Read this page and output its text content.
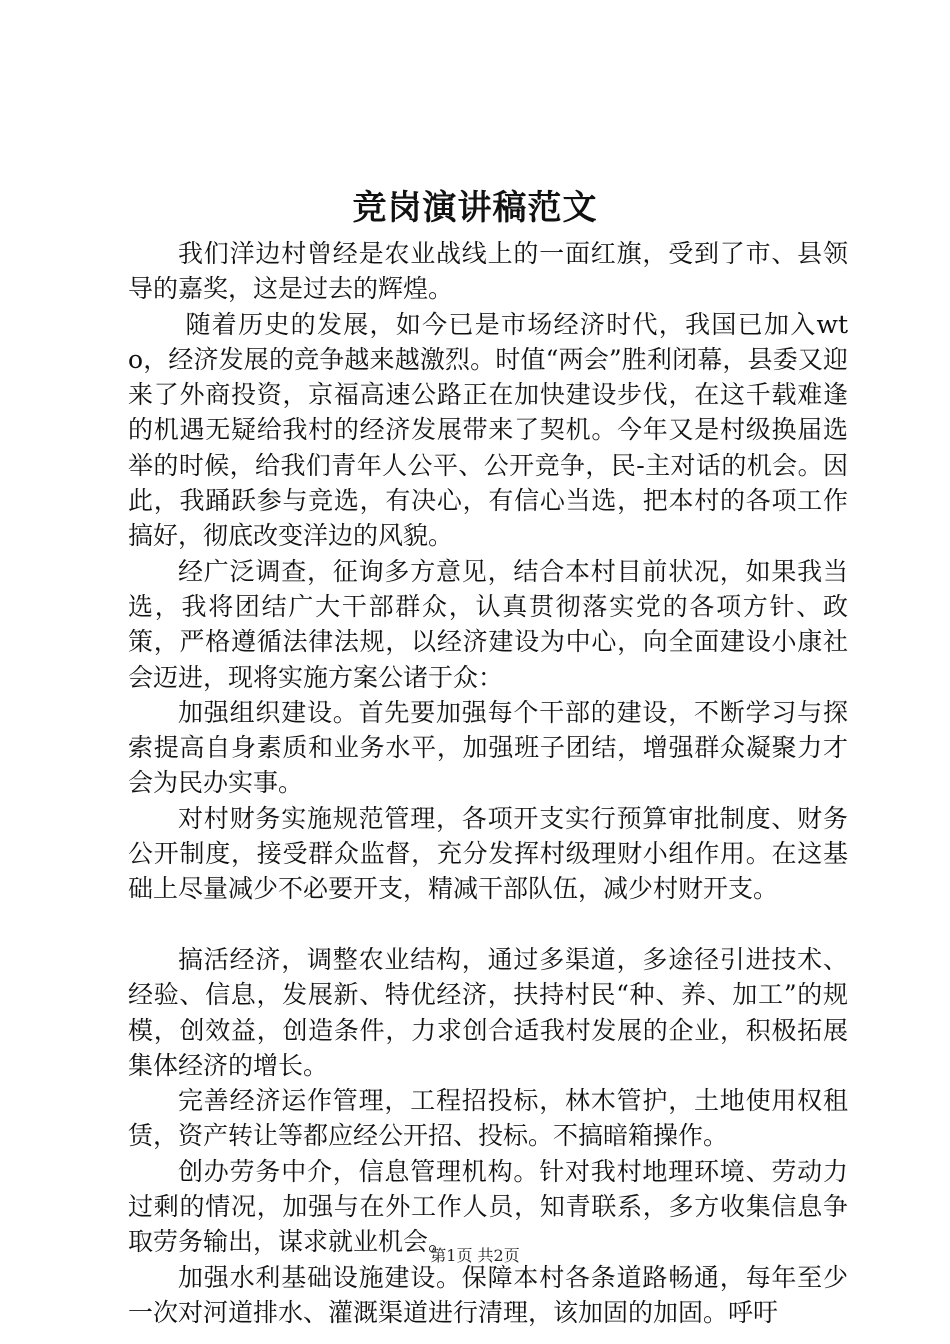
竞岗演讲稿范文

我们洋边村曾经是农业战线上的一面红旗，受到了市、县领导的嘉奖，这是过去的辉煌。

随着历史的发展，如今已是市场经济时代，我国已加入wto，经济发展的竞争越来越激烈。时值“两会”胜利闭幕，县委又迎来了外商投资，京福高速公路正在加快建设步伐，在这千载难逢的机遇无疑给我村的经济发展带来了契机。今年又是村级换届选举的时候，给我们青年人公平、公开竞争，民-主对话的机会。因此，我踊跃参与竞选，有决心，有信心当选，把本村的各项工作搞好，彻底改变洋边的风貌。

经广泛调查，征询多方意见，结合本村目前状况，如果我当选，我将团结广大干部群众，认真贯彻落实党的各项方针、政策，严格遵循法律法规，以经济建设为中心，向全面建设小康社会迈进，现将实施方案公诸于众：

加强组织建设。首先要加强每个干部的建设，不断学习与探索提高自身素质和业务水平，加强班子团结，增强群众凝聚力才会为民办实事。

对村财务实施规范管理，各项开支实行预算审批制度、财务公开制度，接受群众监督，充分发挥村级理财小组作用。在这基础上尽量减少不必要开支，精减干部队伍，减少村财开支。

搞活经济，调整农业结构，通过多渠道，多途径引进技术、经验、信息，发展新、特优经济，扶持村民“种、养、加工”的规模，创效益，创造条件，力求创合适我村发展的企业，积极拓展集体经济的增长。

完善经济运作管理，工程招投标，林木管护，土地使用权租赁，资产转让等都应经公开招、投标。不搞暗箱操作。

创办劳务中介，信息管理机构。针对我村地理环境、劳动力过剩的情况，加强与在外工作人员，知青联系，多方收集信息争取劳务输出，谋求就业机会。

加强水利基础设施建设。保障本村各条道路畅通，每年至少一次对河道排水、灌溉渠道进行清理，该加固的加固。呼吁

第1页 共2页
